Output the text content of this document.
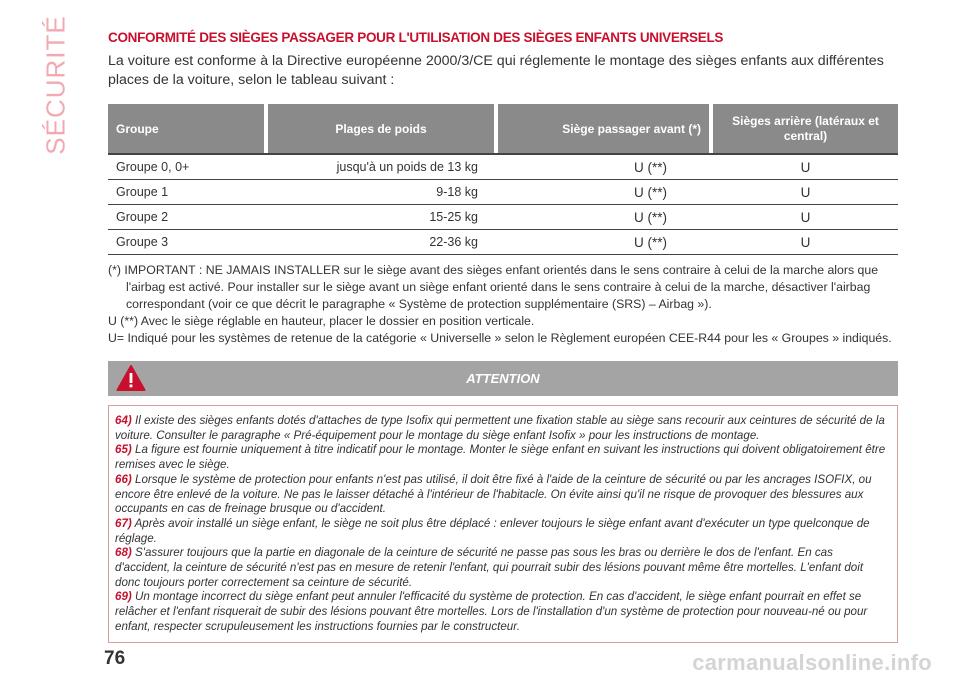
SÉCURITÉ	CONFORMITÉ DES SIÈGES PASSAGER POUR L'UTILISATION DES SIÈGES ENFANTS UNIVERSELS
La voiture est conforme à la Directive européenne 2000/3/CE qui réglemente le montage des sièges enfants aux différentes places de la voiture, selon le tableau suivant :
Groupe	Plages de poids	Siège passager avant (*)	Sièges arrière (latéraux et central)
Groupe 0, 0+	jusqu'à un poids de 13 kg	U (**)	U
Groupe 1	9-18 kg	U (**)	U
Groupe 2	15-25 kg	U (**)	U
Groupe 3	22-36 kg	U (**)	U

(*) IMPORTANT : NE JAMAIS INSTALLER sur le siège avant des sièges enfant orientés dans le sens contraire à celui de la marche alors que l'airbag est activé. Pour installer sur le siège avant un siège enfant orienté dans le sens contraire à celui de la marche, désactiver l'airbag correspondant (voir ce que décrit le paragraphe « Système de protection supplémentaire (SRS) – Airbag »).

U (**) Avec le siège réglable en hauteur, placer le dossier en position verticale.

U= Indiqué pour les systèmes de retenue de la catégorie « Universelle » selon le Règlement européen CEE-R44 pour les « Groupes » indiqués.

ATTENTION

64) Il existe des sièges enfants dotés d'attaches de type Isofix qui permettent une fixation stable au siège sans recourir aux ceintures de sécurité de la voiture. Consulter le paragraphe « Pré-équipement pour le montage du siège enfant Isofix » pour les instructions de montage.

65) La figure est fournie uniquement à titre indicatif pour le montage. Monter le siège enfant en suivant les instructions qui doivent obligatoirement être remises avec le siège.

66) Lorsque le système de protection pour enfants n'est pas utilisé, il doit être fixé à l'aide de la ceinture de sécurité ou par les ancrages ISOFIX, ou encore être enlevé de la voiture. Ne pas le laisser détaché à l'intérieur de l'habitacle. On évite ainsi qu'il ne risque de provoquer des blessures aux occupants en cas de freinage brusque ou d'accident.

67) Après avoir installé un siège enfant, le siège ne soit plus être déplacé : enlever toujours le siège enfant avant d'exécuter un type quelconque de réglage.

68) S'assurer toujours que la partie en diagonale de la ceinture de sécurité ne passe pas sous les bras ou derrière le dos de l'enfant. En cas d'accident, la ceinture de sécurité n'est pas en mesure de retenir l'enfant, qui pourrait subir des lésions pouvant même être mortelles. L'enfant doit donc toujours porter correctement sa ceinture de sécurité.

69) Un montage incorrect du siège enfant peut annuler l'efficacité du système de protection. En cas d'accident, le siège enfant pourrait en effet se relâcher et l'enfant risquerait de subir des lésions pouvant être mortelles. Lors de l'installation d'un système de protection pour nouveau-né ou pour enfant, respecter scrupuleusement les instructions fournies par le constructeur.

76	carmanualsonline.info
